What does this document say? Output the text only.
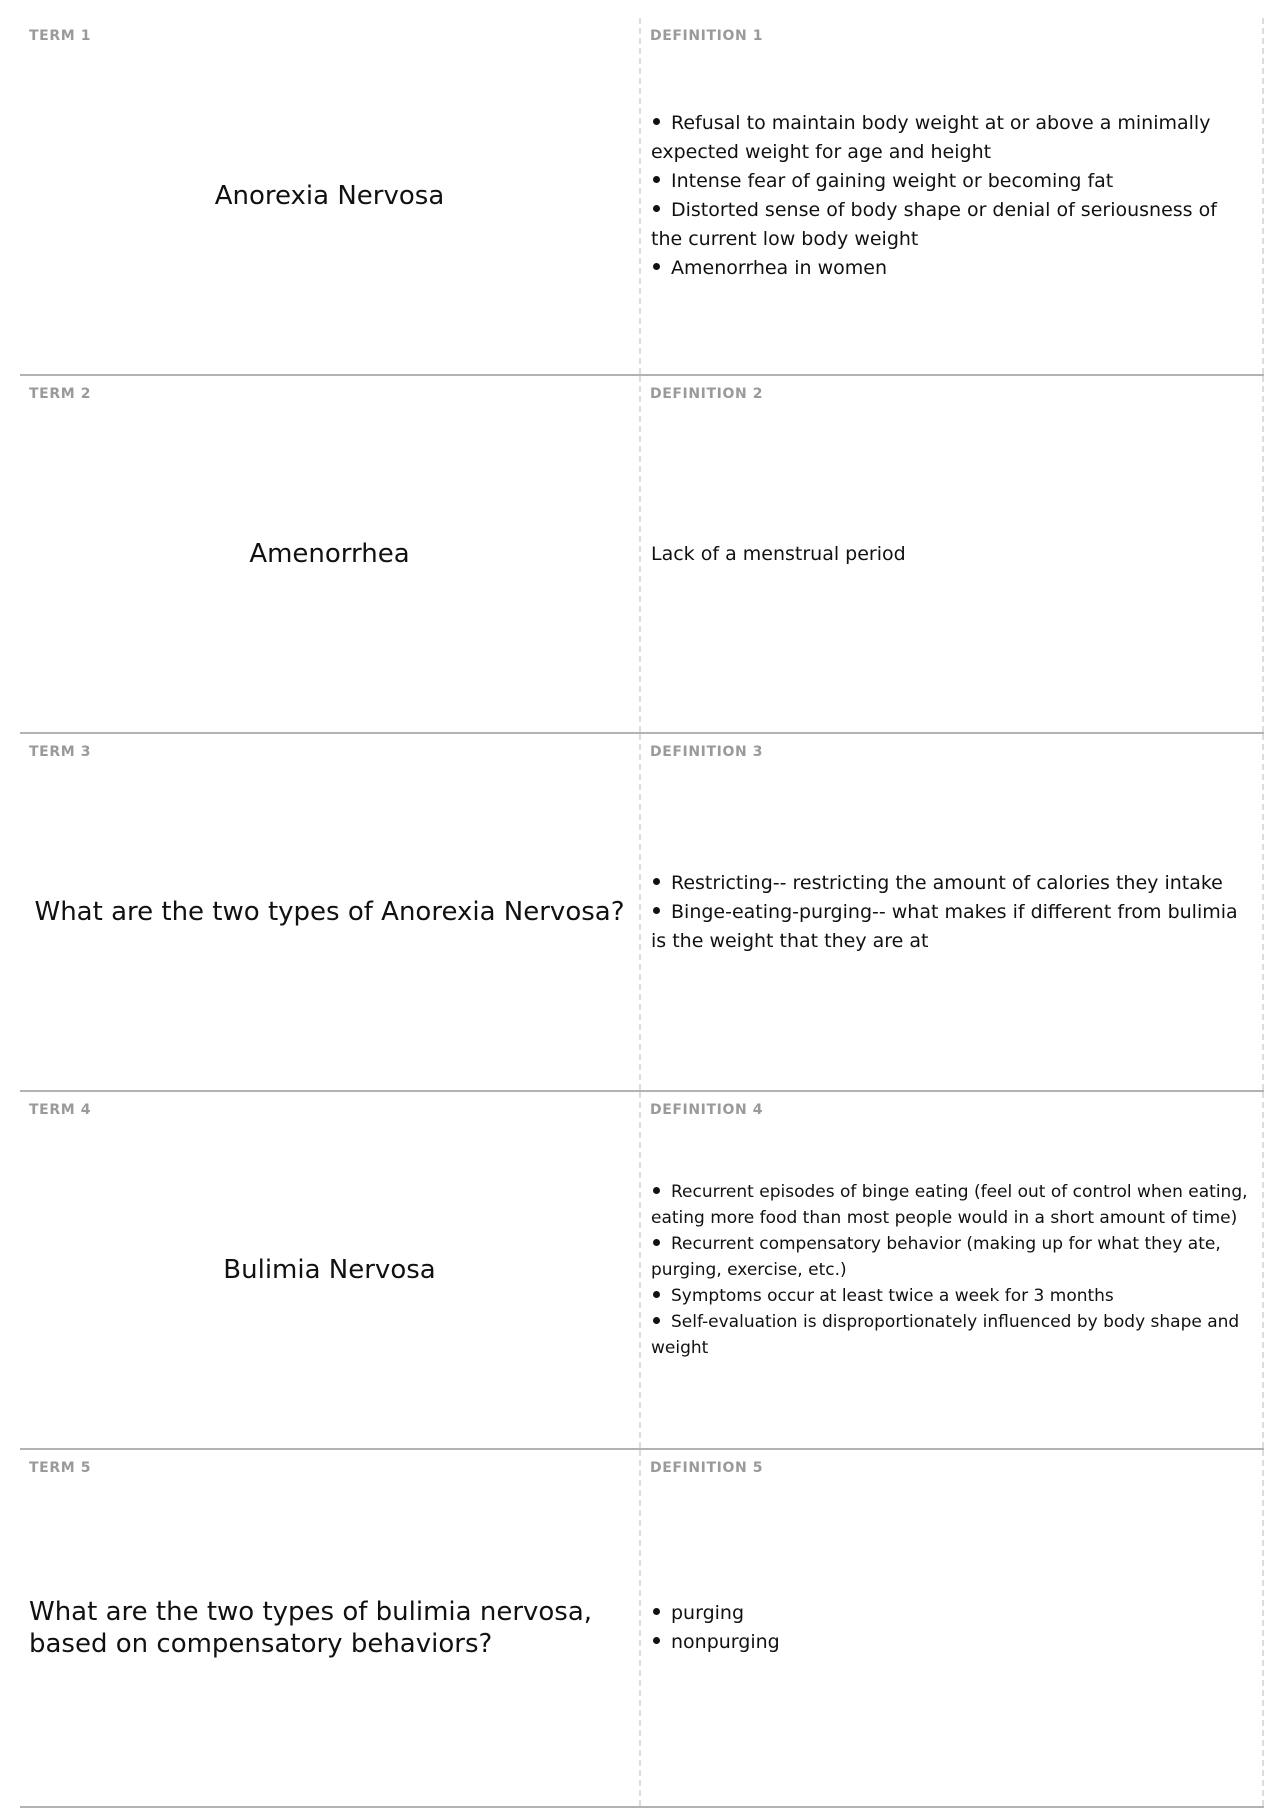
TERM 1
Anorexia Nervosa
DEFINITION 1
Refusal to maintain body weight at or above a minimally expected weight for age and height
Intense fear of gaining weight or becoming fat
Distorted sense of body shape or denial of seriousness of the current low body weight
Amenorrhea in women
TERM 2
Amenorrhea
DEFINITION 2
Lack of a menstrual period
TERM 3
What are the two types of Anorexia Nervosa?
DEFINITION 3
Restricting-- restricting the amount of calories they intake
Binge-eating-purging-- what makes if different from bulimia is the weight that they are at
TERM 4
Bulimia Nervosa
DEFINITION 4
Recurrent episodes of binge eating (feel out of control when eating, eating more food than most people would in a short amount of time)
Recurrent compensatory behavior (making up for what they ate, purging, exercise, etc.)
Symptoms occur at least twice a week for 3 months
Self-evaluation is disproportionately influenced by body shape and weight
TERM 5
What are the two types of bulimia nervosa, based on compensatory behaviors?
DEFINITION 5
purging
nonpurging
